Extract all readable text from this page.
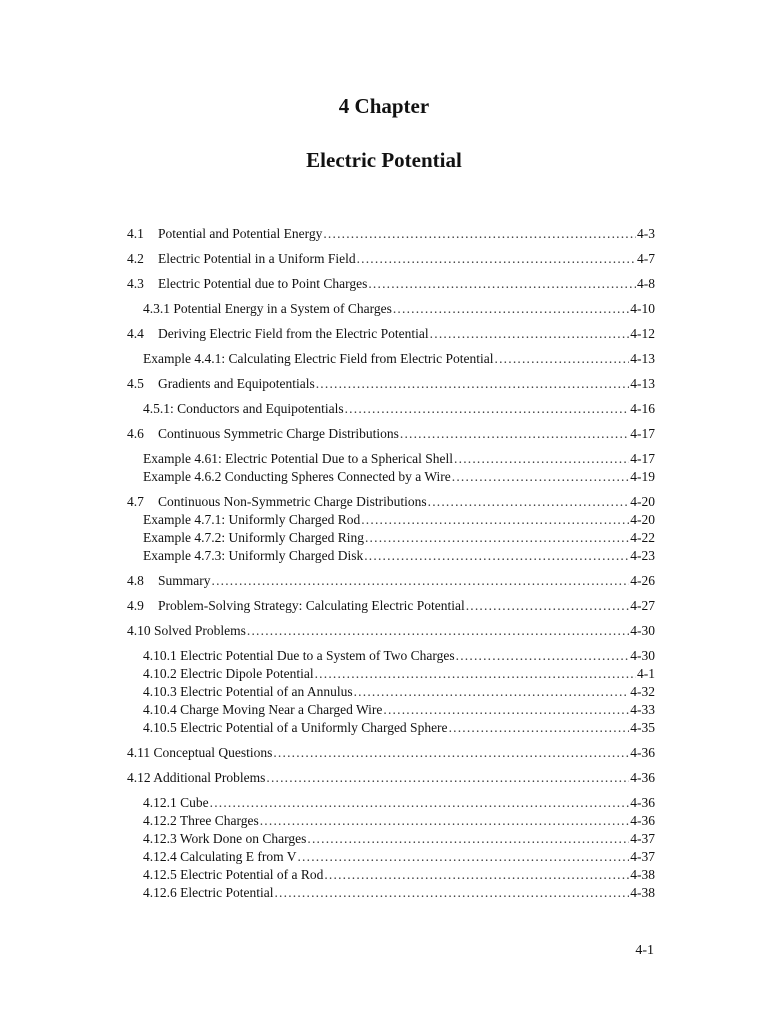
4 Chapter
Electric Potential
4.1 Potential and Potential Energy .....	4-3
4.2 Electric Potential in a Uniform Field .....	4-7
4.3 Electric Potential due to Point Charges .....	4-8
4.3.1 Potential Energy in a System of Charges .....	4-10
4.4 Deriving Electric Field from the Electric Potential .....	4-12
Example 4.4.1: Calculating Electric Field from Electric Potential .....	4-13
4.5 Gradients and Equipotentials .....	4-13
4.5.1: Conductors and Equipotentials .....	4-16
4.6 Continuous Symmetric Charge Distributions .....	4-17
Example 4.61: Electric Potential Due to a Spherical Shell .....	4-17
Example 4.6.2 Conducting Spheres Connected by a Wire .....	4-19
4.7 Continuous Non-Symmetric Charge Distributions .....	4-20
Example 4.7.1: Uniformly Charged Rod .....	4-20
Example 4.7.2: Uniformly Charged Ring .....	4-22
Example 4.7.3: Uniformly Charged Disk .....	4-23
4.8 Summary .....	4-26
4.9 Problem-Solving Strategy: Calculating Electric Potential .....	4-27
4.10 Solved Problems .....	4-30
4.10.1 Electric Potential Due to a System of Two Charges .....	4-30
4.10.2 Electric Dipole Potential .....	4-1
4.10.3 Electric Potential of an Annulus .....	4-32
4.10.4 Charge Moving Near a Charged Wire .....	4-33
4.10.5 Electric Potential of a Uniformly Charged Sphere .....	4-35
4.11 Conceptual Questions .....	4-36
4.12 Additional Problems .....	4-36
4.12.1 Cube .....	4-36
4.12.2 Three Charges .....	4-36
4.12.3 Work Done on Charges .....	4-37
4.12.4 Calculating E from V .....	4-37
4.12.5 Electric Potential of a Rod .....	4-38
4.12.6 Electric Potential .....	4-38
4-1
